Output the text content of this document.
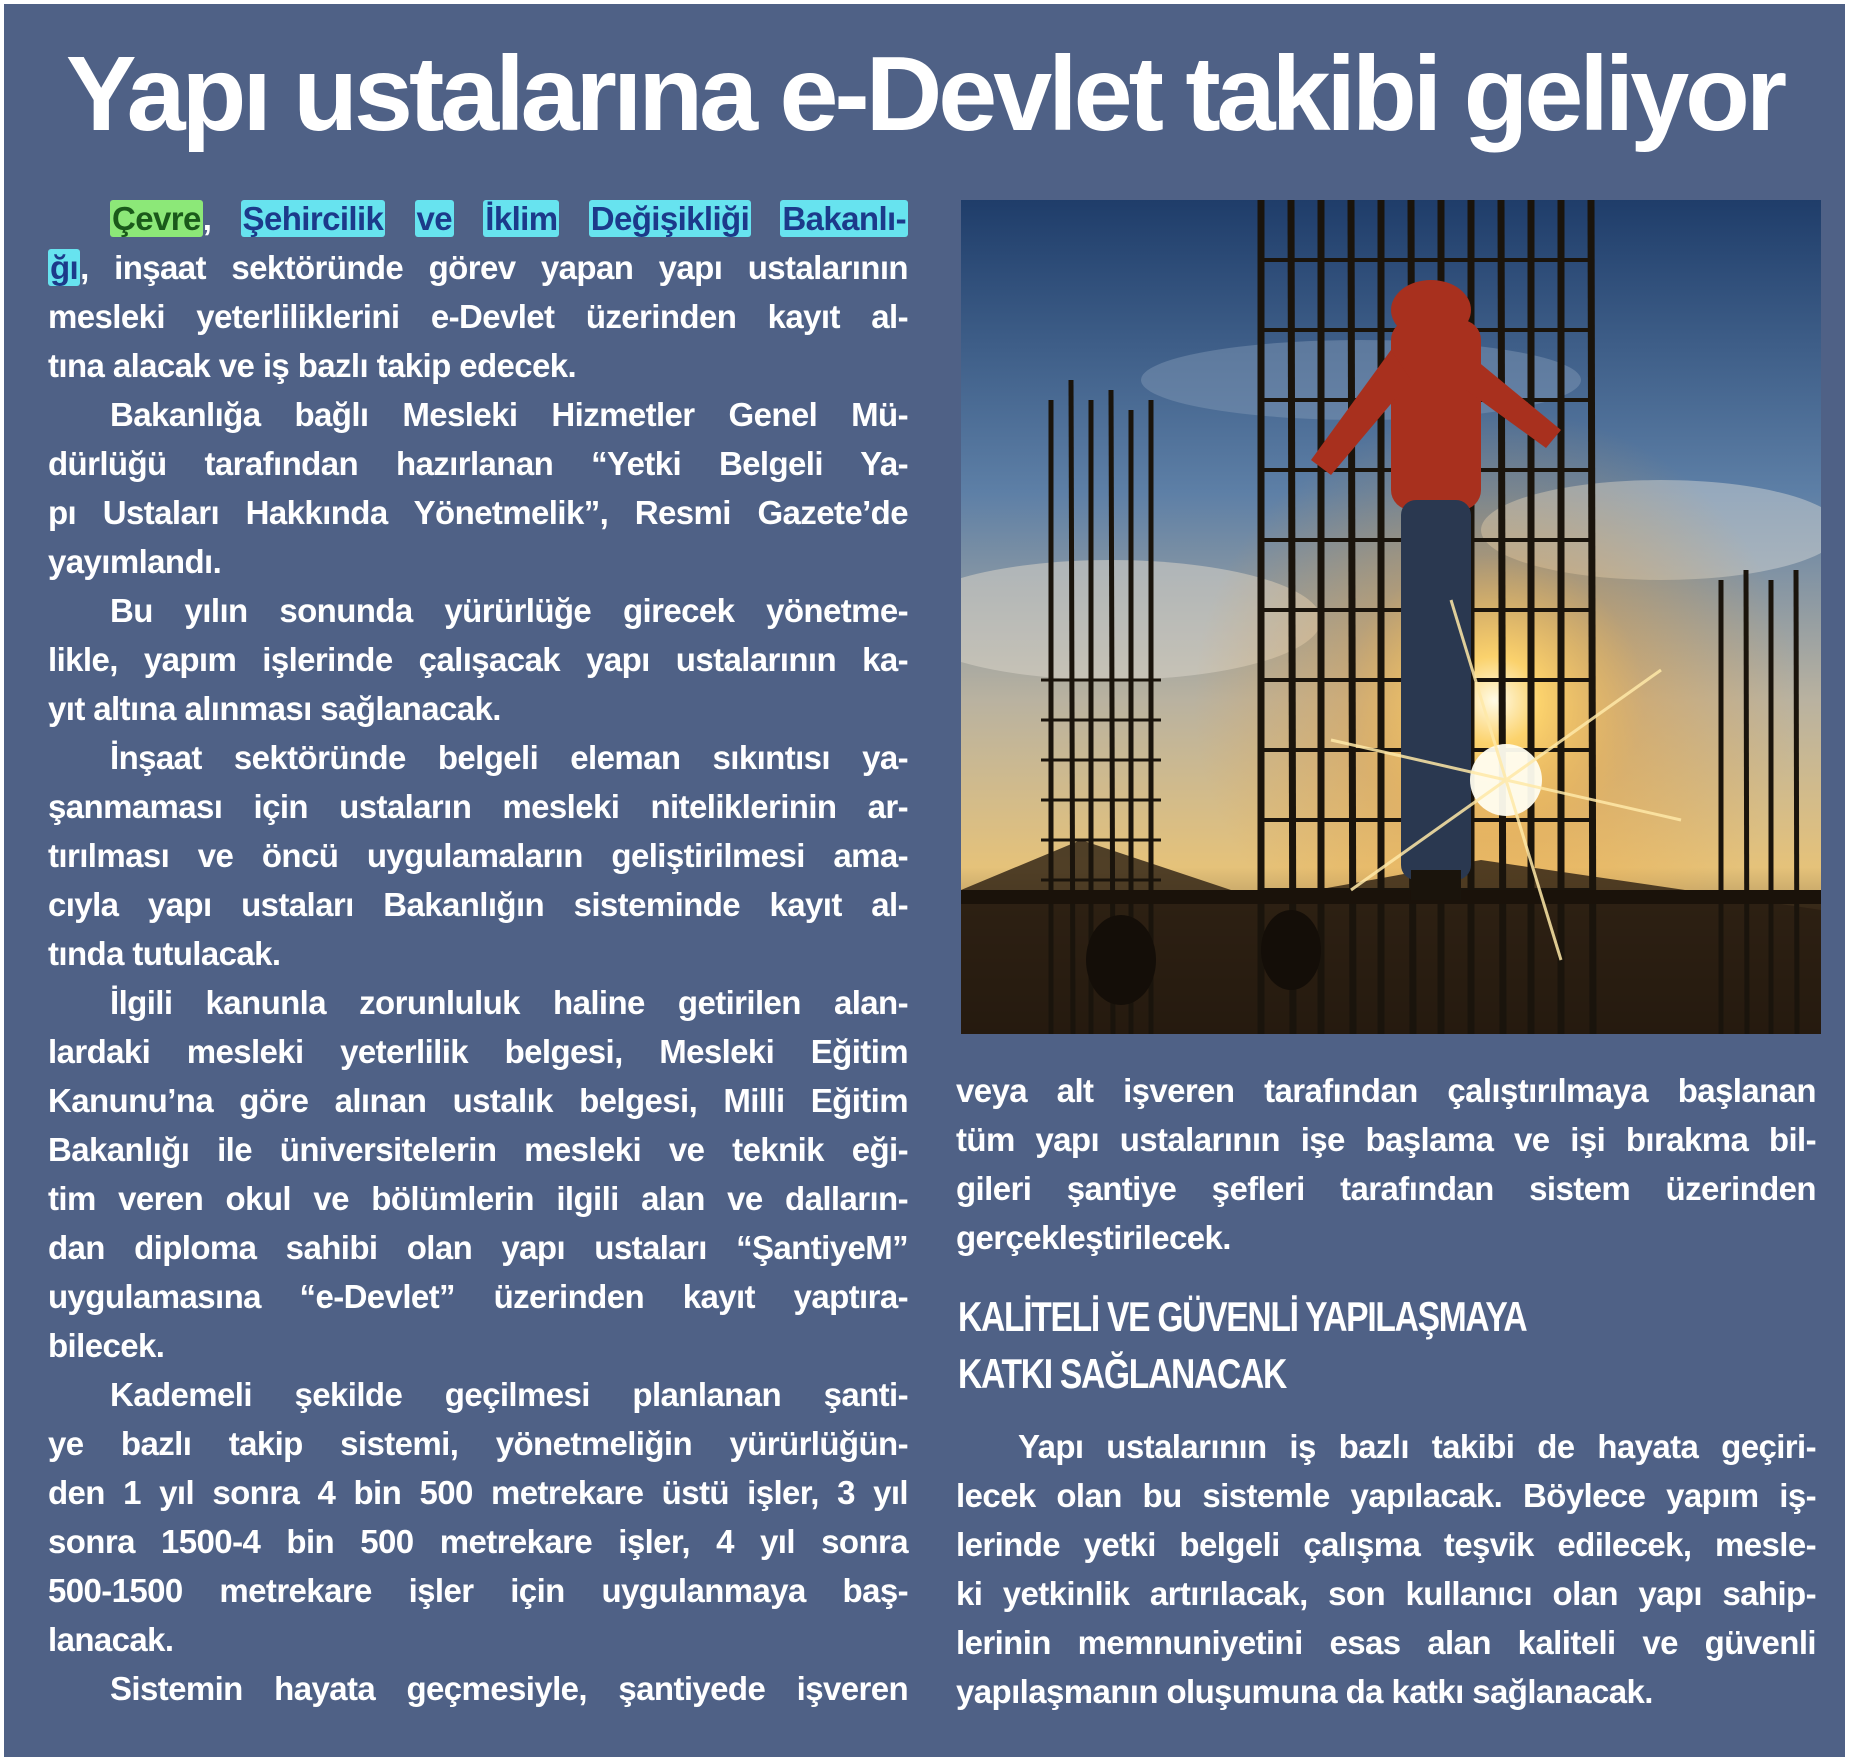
Yapı ustalarına e-Devlet takibi geliyor
Çevre, Şehircilik ve İklim Değişikliği Bakanlı-
ğı, inşaat sektöründe görev yapan yapı ustalarının
mesleki yeterliliklerini e-Devlet üzerinden kayıt al-
tına alacak ve iş bazlı takip edecek.
Bakanlığa bağlı Mesleki Hizmetler Genel Mü-
dürlüğü tarafından hazırlanan “Yetki Belgeli Ya-
pı Ustaları Hakkında Yönetmelik”, Resmi Gazete’de
yayımlandı.
Bu yılın sonunda yürürlüğe girecek yönetme-
likle, yapım işlerinde çalışacak yapı ustalarının ka-
yıt altına alınması sağlanacak.
İnşaat sektöründe belgeli eleman sıkıntısı ya-
şanmaması için ustaların mesleki niteliklerinin ar-
tırılması ve öncü uygulamaların geliştirilmesi ama-
cıyla yapı ustaları Bakanlığın sisteminde kayıt al-
tında tutulacak.
İlgili kanunla zorunluluk haline getirilen alan-
lardaki mesleki yeterlilik belgesi, Mesleki Eğitim
Kanunu’na göre alınan ustalık belgesi, Milli Eğitim
Bakanlığı ile üniversitelerin mesleki ve teknik eği-
tim veren okul ve bölümlerin ilgili alan ve dalların-
dan diploma sahibi olan yapı ustaları “ŞantiyeM”
uygulamasına “e-Devlet” üzerinden kayıt yaptıra-
bilecek.
Kademeli şekilde geçilmesi planlanan şanti-
ye bazlı takip sistemi, yönetmeliğin yürürlüğün-
den 1 yıl sonra 4 bin 500 metrekare üstü işler, 3 yıl
sonra 1500-4 bin 500 metrekare işler, 4 yıl sonra
500-1500 metrekare işler için uygulanmaya baş-
lanacak.
Sistemin hayata geçmesiyle, şantiyede işveren
veya alt işveren tarafından çalıştırılmaya başlanan
tüm yapı ustalarının işe başlama ve işi bırakma bil-
gileri şantiye şefleri tarafından sistem üzerinden
gerçekleştirilecek.
KALİTELİ VE GÜVENLİ YAPILAŞMAYA
KATKI SAĞLANACAK
Yapı ustalarının iş bazlı takibi de hayata geçiri-
lecek olan bu sistemle yapılacak. Böylece yapım iş-
lerinde yetki belgeli çalışma teşvik edilecek, mesle-
ki yetkinlik artırılacak, son kullanıcı olan yapı sahip-
lerinin memnuniyetini esas alan kaliteli ve güvenli
yapılaşmanın oluşumuna da katkı sağlanacak.
